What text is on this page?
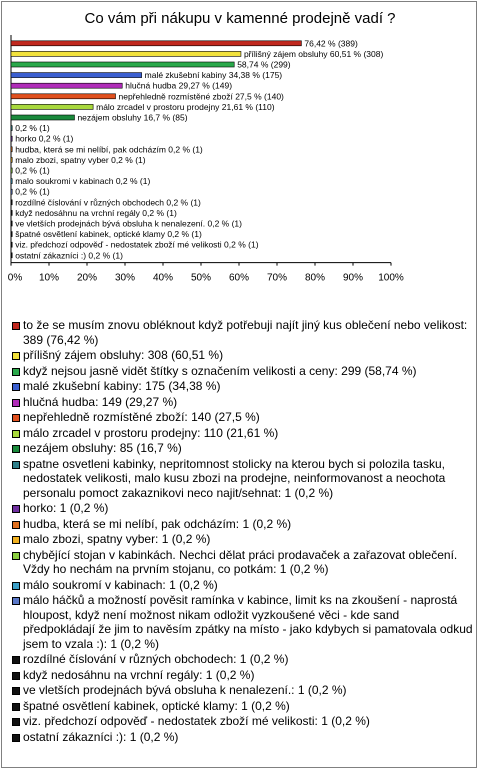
Co vám při nákupu v kamenné prodejně vadí ?
0% 10% 20% 30% 40% 50% 60% 70% 80% 90% 100%
76,42 % (389)
přílišný zájem obsluhy 60,51 % (308)
58,74 % (299)
malé zkušební kabiny 34,38 % (175)
hlučná hudba 29,27 % (149)
nepřehledně rozmístěné zboží 27,5 % (140)
málo zrcadel v prostoru prodejny 21,61 % (110)
nezájem obsluhy 16,7 % (85)
0,2 % (1)
horko 0,2 % (1)
hudba, která se mi nelíbí, pak odcházím 0,2 % (1)
malo zbozi, spatny vyber 0,2 % (1)
0,2 % (1)
malo soukromi v kabinach 0,2 % (1)
0,2 % (1)
rozdílné číslování v různých obchodech 0,2 % (1)
když nedosáhnu na vrchní regály 0,2 % (1)
ve vletších prodejnách bývá obsluha k nenalezení. 0,2 % (1)
špatné osvětlení kabinek, optické klamy 0,2 % (1)
viz. předchozí odpověď - nedostatek zboží mé velikosti 0,2 % (1)
ostatní zákazníci :) 0,2 % (1)
to že se musím znovu obléknout když potřebuji najít jiný kus oblečení nebo velikost: 389 (76,42 %)
přílišný zájem obsluhy: 308 (60,51 %)
když nejsou jasně vidět štítky s označením velikosti a ceny: 299 (58,74 %)
malé zkušební kabiny: 175 (34,38 %)
hlučná hudba: 149 (29,27 %)
nepřehledně rozmístěné zboží: 140 (27,5 %)
málo zrcadel v prostoru prodejny: 110 (21,61 %)
nezájem obsluhy: 85 (16,7 %)
spatne osvetleni kabinky, nepritomnost stolicky na kterou bych si polozila tasku, nedostatek velikosti, malo kusu zbozi na prodejne, neinformovanost a neochota personalu pomoct zakaznikovi neco najit/sehnat: 1 (0,2 %)
horko: 1 (0,2 %)
hudba, která se mi nelíbí, pak odcházím: 1 (0,2 %)
malo zbozi, spatny vyber: 1 (0,2 %)
chybějící stojan v kabinkách. Nechci dělat práci prodavaček a zařazovat oblečení. Vždy ho nechám na prvním stojanu, co potkám: 1 (0,2 %)
málo soukromí v kabinach: 1 (0,2 %)
málo háčků a možností pověsit ramínka v kabince, limit ks na zkoušení - naprostá hloupost, když není možnost nikam odložit vyzkoušené věci - kde sand předpokládají že jim to navěsím zpátky na místo - jako kdybych si pamatovala odkud jsem to vzala :): 1 (0,2 %)
rozdílné číslování v různých obchodech: 1 (0,2 %)
když nedosáhnu na vrchní regály: 1 (0,2 %)
ve vletších prodejnách bývá obsluha k nenalezení.: 1 (0,2 %)
špatné osvětlení kabinek, optické klamy: 1 (0,2 %)
viz. předchozí odpověď - nedostatek zboží mé velikosti: 1 (0,2 %)
ostatní zákazníci :): 1 (0,2 %)
